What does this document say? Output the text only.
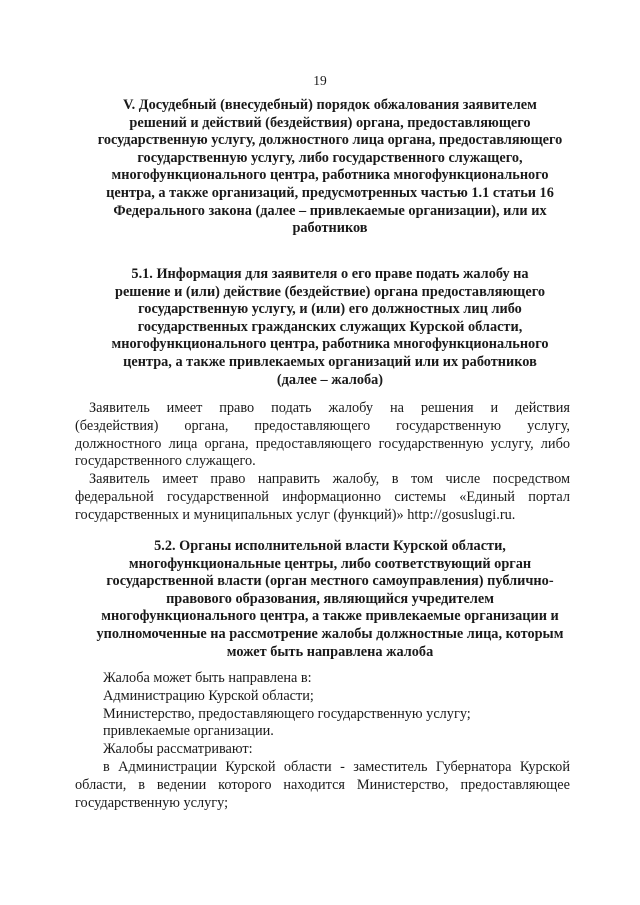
19
V. Досудебный (внесудебный) порядок обжалования заявителем
решений и действий (бездействия) органа, предоставляющего
государственную услугу, должностного лица органа, предоставляющего
государственную услугу, либо государственного служащего,
многофункционального центра, работника многофункционального
центра, а также организаций, предусмотренных частью 1.1 статьи 16
Федерального закона (далее – привлекаемые организации), или их
работников
5.1. Информация для заявителя о его праве подать жалобу на
решение и (или) действие (бездействие) органа предоставляющего
государственную услугу, и (или) его должностных лиц либо
государственных гражданских служащих Курской области,
многофункционального центра, работника многофункционального
центра, а также привлекаемых организаций или их работников
(далее – жалоба)
Заявитель имеет право подать жалобу на решения и действия
(бездействия) органа, предоставляющего государственную услугу,
должностного лица органа, предоставляющего государственную услугу, либо
государственного служащего.
Заявитель имеет право направить жалобу, в том числе посредством
федеральной государственной информационно системы «Единый портал
государственных и муниципальных услуг (функций)» http://gosuslugi.ru.
5.2. Органы исполнительной власти Курской области,
многофункциональные центры, либо соответствующий орган
государственной власти (орган местного самоуправления) публично-
правового образования, являющийся учредителем
многофункционального центра, а также привлекаемые организации и
уполномоченные на рассмотрение жалобы должностные лица, которым
может быть направлена жалоба
Жалоба может быть направлена в:
Администрацию Курской области;
Министерство, предоставляющего государственную услугу;
привлекаемые организации.
Жалобы рассматривают:
в Администрации Курской области - заместитель Губернатора Курской
области, в ведении которого находится Министерство, предоставляющее
государственную услугу;
